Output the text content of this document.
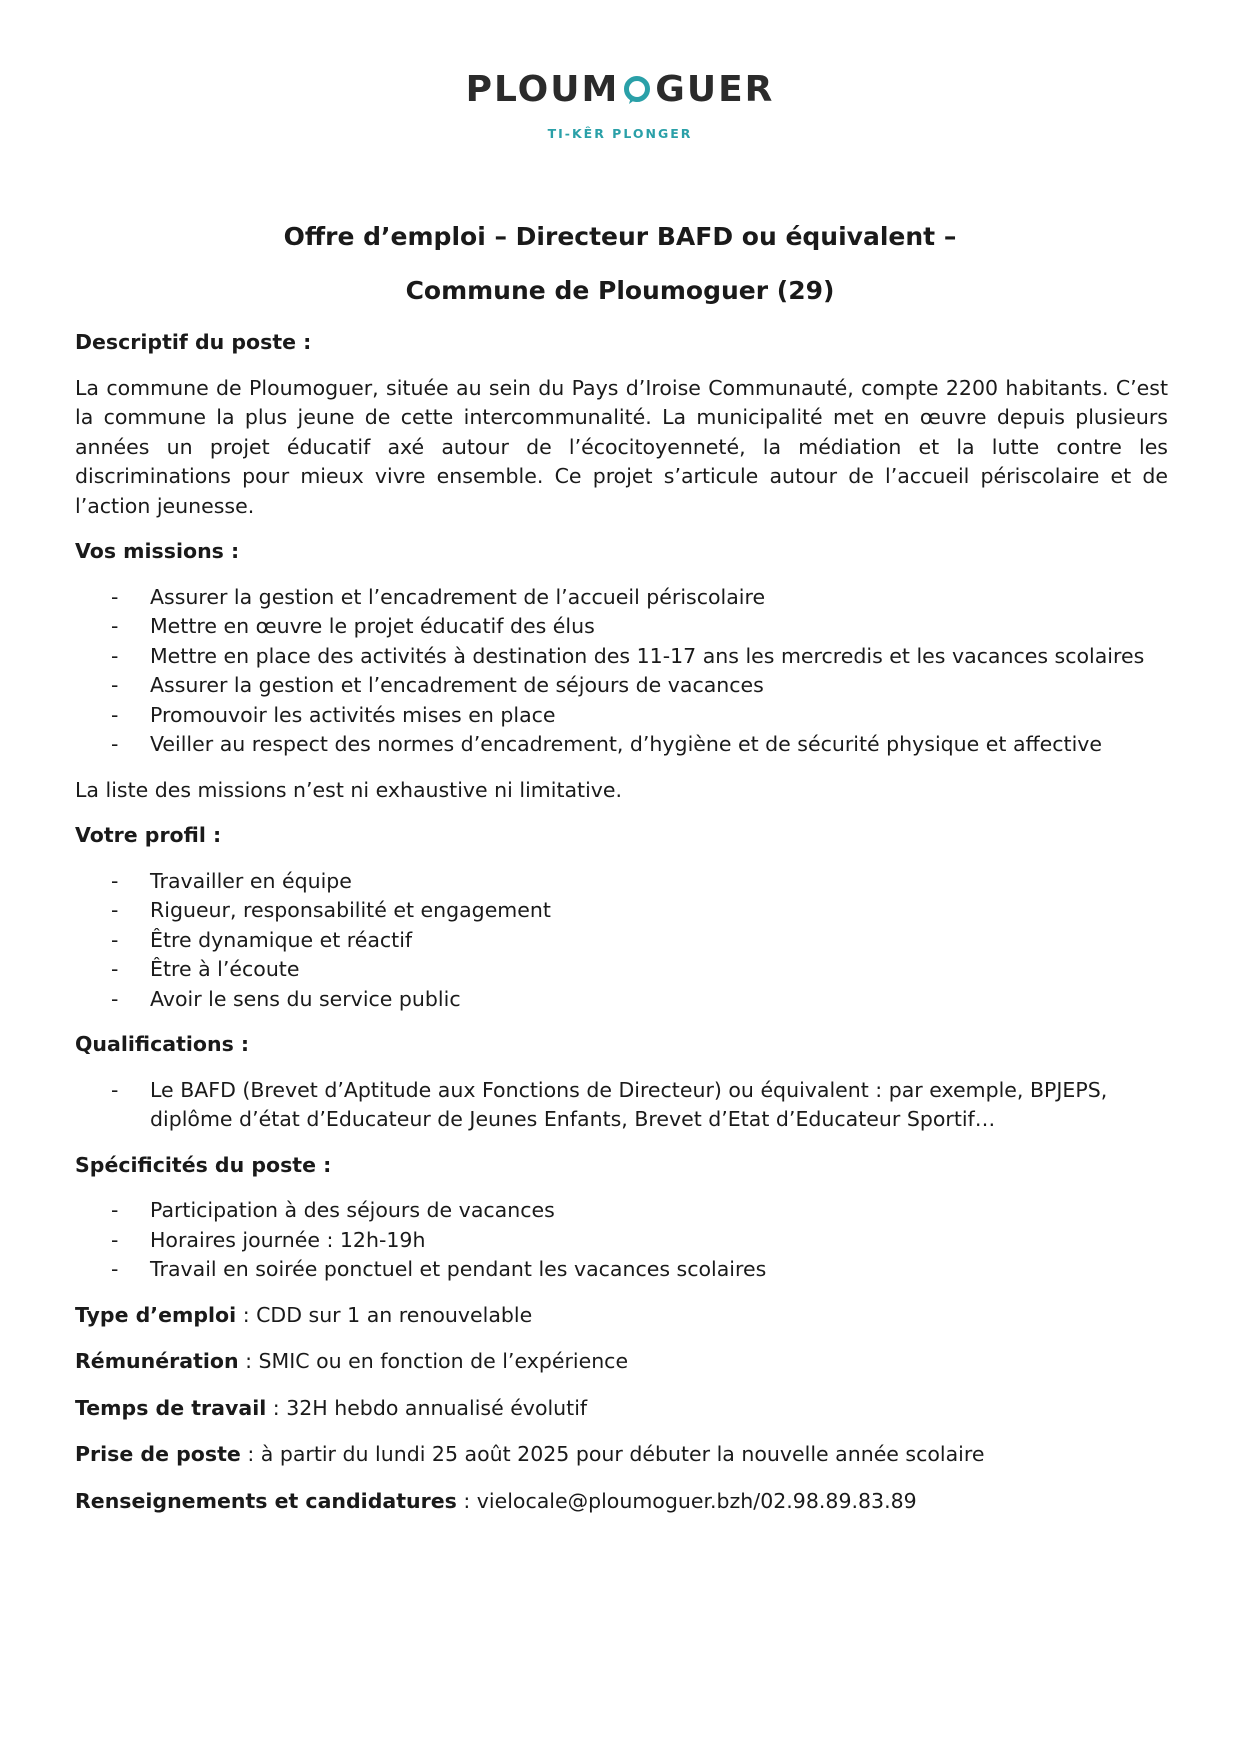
PLOUM GUER
TI-KÊR PLONGER
Offre d’emploi – Directeur BAFD ou équivalent –
Commune de Ploumoguer (29)
Descriptif du poste :
La commune de Ploumoguer, située au sein du Pays d’Iroise Communauté, compte 2200 habitants. C’est la commune la plus jeune de cette intercommunalité. La municipalité met en œuvre depuis plusieurs années un projet éducatif axé autour de l’écocitoyenneté, la médiation et la lutte contre les discriminations pour mieux vivre ensemble. Ce projet s’articule autour de l’accueil périscolaire et de l’action jeunesse.
Vos missions :
- Assurer la gestion et l’encadrement de l’accueil périscolaire
- Mettre en œuvre le projet éducatif des élus
- Mettre en place des activités à destination des 11-17 ans les mercredis et les vacances scolaires
- Assurer la gestion et l’encadrement de séjours de vacances
- Promouvoir les activités mises en place
- Veiller au respect des normes d’encadrement, d’hygiène et de sécurité physique et affective
La liste des missions n’est ni exhaustive ni limitative.
Votre profil :
- Travailler en équipe
- Rigueur, responsabilité et engagement
- Être dynamique et réactif
- Être à l’écoute
- Avoir le sens du service public
Qualifications :
- Le BAFD (Brevet d’Aptitude aux Fonctions de Directeur) ou équivalent : par exemple, BPJEPS, diplôme d’état d’Educateur de Jeunes Enfants, Brevet d’Etat d’Educateur Sportif…
Spécificités du poste :
- Participation à des séjours de vacances
- Horaires journée : 12h-19h
- Travail en soirée ponctuel et pendant les vacances scolaires
Type d’emploi : CDD sur 1 an renouvelable
Rémunération : SMIC ou en fonction de l’expérience
Temps de travail : 32H hebdo annualisé évolutif
Prise de poste : à partir du lundi 25 août 2025 pour débuter la nouvelle année scolaire
Renseignements et candidatures : vielocale@ploumoguer.bzh/02.98.89.83.89
